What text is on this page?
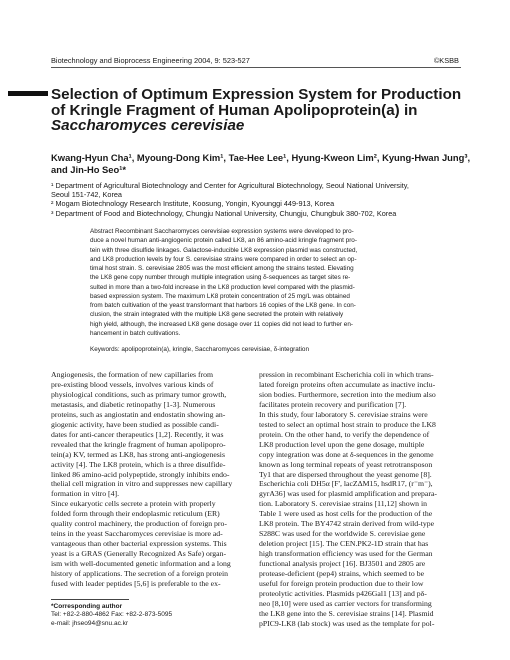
Biotechnology and Bioprocess Engineering 2004, 9: 523-527	©KSBB
Selection of Optimum Expression System for Production
of Kringle Fragment of Human Apolipoprotein(a) in
Saccharomyces cerevisiae
Kwang-Hyun Cha¹, Myoung-Dong Kim¹, Tae-Hee Lee¹, Hyung-Kweon Lim², Kyung-Hwan Jung³,
and Jin-Ho Seo¹*
¹ Department of Agricultural Biotechnology and Center for Agricultural Biotechnology, Seoul National University,
Seoul 151-742, Korea
² Mogam Biotechnology Research Institute, Koosung, Yongin, Kyounggi 449-913, Korea
³ Department of Food and Biotechnology, Chungju National University, Chungju, Chungbuk 380-702, Korea
Abstract Recombinant Saccharomyces cerevisiae expression systems were developed to pro-
duce a novel human anti-angiogenic protein called LK8, an 86 amino-acid kringle fragment pro-
tein with three disulfide linkages. Galactose-inducible LK8 expression plasmid was constructed,
and LK8 production levels by four S. cerevisiae strains were compared in order to select an op-
timal host strain. S. cerevisiae 2805 was the most efficient among the strains tested. Elevating
the LK8 gene copy number through multiple integration using δ-sequences as target sites re-
sulted in more than a two-fold increase in the LK8 production level compared with the plasmid-
based expression system. The maximum LK8 protein concentration of 25 mg/L was obtained
from batch cultivation of the yeast transformant that harbors 16 copies of the LK8 gene. In con-
clusion, the strain integrated with the multiple LK8 gene secreted the protein with relatively
high yield, although, the increased LK8 gene dosage over 11 copies did not lead to further en-
hancement in batch cultivations.
Keywords: apolipoprotein(a), kringle, Saccharomyces cerevisiae, δ-integration
Angiogenesis, the formation of new capillaries from
pre-existing blood vessels, involves various kinds of
physiological conditions, such as primary tumor growth,
metastasis, and diabetic retinopathy [1-3]. Numerous
proteins, such as angiostatin and endostatin showing an-
giogenic activity, have been studied as possible candi-
dates for anti-cancer therapeutics [1,2]. Recently, it was
revealed that the kringle fragment of human apolipopro-
tein(a) KV, termed as LK8, has strong anti-angiogenesis
activity [4]. The LK8 protein, which is a three disulfide-
linked 86 amino-acid polypeptide, strongly inhibits endo-
thelial cell migration in vitro and suppresses new capillary
formation in vitro [4].
Since eukaryotic cells secrete a protein with properly
folded form through their endoplasmic reticulum (ER)
quality control machinery, the production of foreign pro-
teins in the yeast Saccharomyces cerevisiae is more ad-
vantageous than other bacterial expression systems. This
yeast is a GRAS (Generally Recognized As Safe) organ-
ism with well-documented genetic information and a long
history of applications. The secretion of a foreign protein
fused with leader peptides [5,6] is preferable to the ex-
pression in recombinant Escherichia coli in which trans-
lated foreign proteins often accumulate as inactive inclu-
sion bodies. Furthermore, secretion into the medium also
facilitates protein recovery and purification [7].
In this study, four laboratory S. cerevisiae strains were
tested to select an optimal host strain to produce the LK8
protein. On the other hand, to verify the dependence of
LK8 production level upon the gene dosage, multiple
copy integration was done at δ-sequences in the genome
known as long terminal repeats of yeast retrotransposon
Ty1 that are dispersed throughout the yeast genome [8].
Escherichia coli DH5α [F', lacZΔM15, hsdR17, (r⁻m⁻),
gyrA36] was used for plasmid amplification and prepara-
tion. Laboratory S. cerevisiae strains [11,12] shown in
Table 1 were used as host cells for the production of the
LK8 protein. The BY4742 strain derived from wild-type
S288C was used for the worldwide S. cerevisiae gene
deletion project [15]. The CEN.PK2-1D strain that has
high transformation efficiency was used for the German
functional analysis project [16]. BJ3501 and 2805 are
protease-deficient (pep4) strains, which seemed to be
useful for foreign protein production due to their low
proteolytic activities. Plasmids p426Gal1 [13] and pδ-
neo [8,10] were used as carrier vectors for transforming
the LK8 gene into the S. cerevisiae strains [14]. Plasmid
pPIC9-LK8 (lab stock) was used as the template for pol-
*Corresponding author
Tel: +82-2-880-4862 Fax: +82-2-873-5095
e-mail: jhseo94@snu.ac.kr
